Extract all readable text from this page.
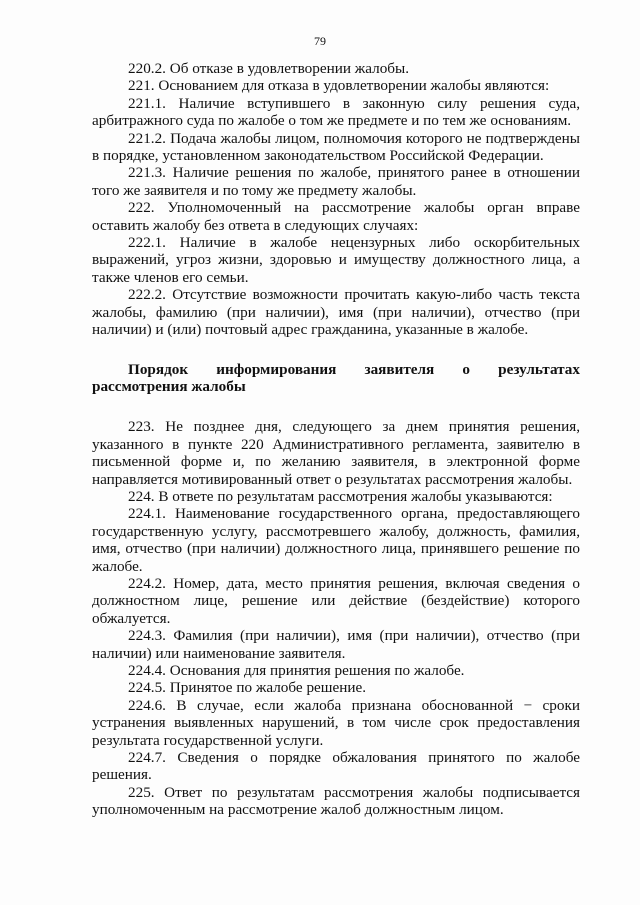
79

220.2. Об отказе в удовлетворении жалобы.

221. Основанием для отказа в удовлетворении жалобы являются:

221.1. Наличие вступившего в законную силу решения суда, арбитражного суда по жалобе о том же предмете и по тем же основаниям.

221.2. Подача жалобы лицом, полномочия которого не подтверждены в порядке, установленном законодательством Российской Федерации.

221.3. Наличие решения по жалобе, принятого ранее в отношении того же заявителя и по тому же предмету жалобы.

222. Уполномоченный на рассмотрение жалобы орган вправе оставить жалобу без ответа в следующих случаях:

222.1. Наличие в жалобе нецензурных либо оскорбительных выражений, угроз жизни, здоровью и имуществу должностного лица, а также членов его семьи.

222.2. Отсутствие возможности прочитать какую-либо часть текста жалобы, фамилию (при наличии), имя (при наличии), отчество (при наличии) и (или) почтовый адрес гражданина, указанные в жалобе.

Порядок информирования заявителя о результатах рассмотрения жалобы

223. Не позднее дня, следующего за днем принятия решения, указанного в пункте 220 Административного регламента, заявителю в письменной форме и, по желанию заявителя, в электронной форме направляется мотивированный ответ о результатах рассмотрения жалобы.

224. В ответе по результатам рассмотрения жалобы указываются:

224.1. Наименование государственного органа, предоставляющего государственную услугу, рассмотревшего жалобу, должность, фамилия, имя, отчество (при наличии) должностного лица, принявшего решение по жалобе.

224.2. Номер, дата, место принятия решения, включая сведения о должностном лице, решение или действие (бездействие) которого обжалуется.

224.3. Фамилия (при наличии), имя (при наличии), отчество (при наличии) или наименование заявителя.

224.4. Основания для принятия решения по жалобе.

224.5. Принятое по жалобе решение.

224.6. В случае, если жалоба признана обоснованной − сроки устранения выявленных нарушений, в том числе срок предоставления результата государственной услуги.

224.7. Сведения о порядке обжалования принятого по жалобе решения.

225. Ответ по результатам рассмотрения жалобы подписывается уполномоченным на рассмотрение жалоб должностным лицом.
